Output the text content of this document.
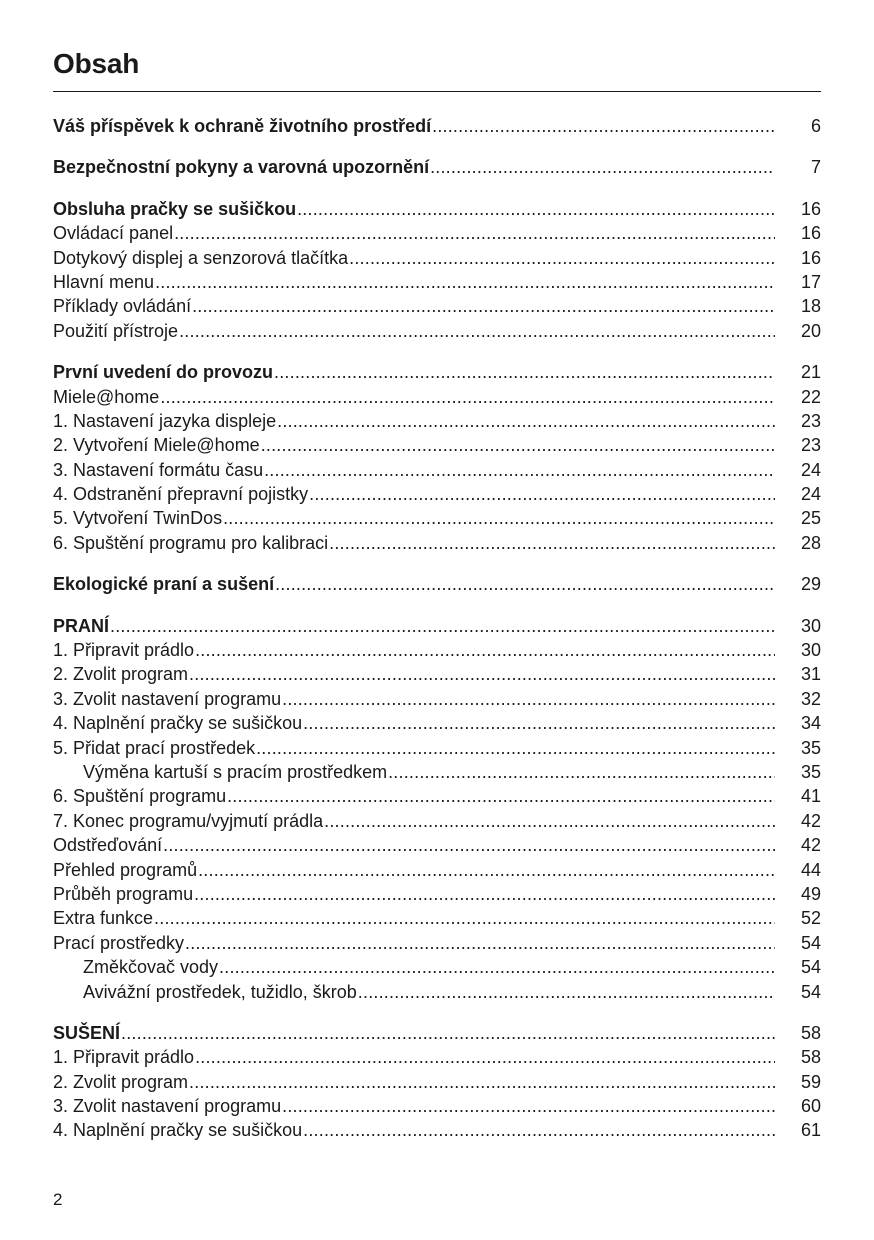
Obsah
Váš příspěvek k ochraně životního prostředí .....	6
Bezpečnostní pokyny a varovná upozornění .....	7
Obsluha pračky se sušičkou .....	16
Ovládací panel .....	16
Dotykový displej a senzorová tlačítka .....	16
Hlavní menu .....	17
Příklady ovládání .....	18
Použití přístroje .....	20
První uvedení do provozu .....	21
Miele@home .....	22
1. Nastavení jazyka displeje .....	23
2. Vytvoření Miele@home .....	23
3. Nastavení formátu času .....	24
4. Odstranění přepravní pojistky .....	24
5. Vytvoření TwinDos .....	25
6. Spuštění programu pro kalibraci .....	28
Ekologické praní a sušení .....	29
PRANÍ .....	30
1. Připravit prádlo .....	30
2. Zvolit program .....	31
3. Zvolit nastavení programu .....	32
4. Naplnění pračky se sušičkou .....	34
5. Přidat prací prostředek .....	35
Výměna kartuší s pracím prostředkem .....	35
6. Spuštění programu .....	41
7. Konec programu/vyjmutí prádla .....	42
Odstřeďování .....	42
Přehled programů .....	44
Průběh programu .....	49
Extra funkce .....	52
Prací prostředky .....	54
Změkčovač vody .....	54
Avivážní prostředek, tužidlo, škrob .....	54
SUŠENÍ .....	58
1. Připravit prádlo .....	58
2. Zvolit program .....	59
3. Zvolit nastavení programu .....	60
4. Naplnění pračky se sušičkou .....	61
2
